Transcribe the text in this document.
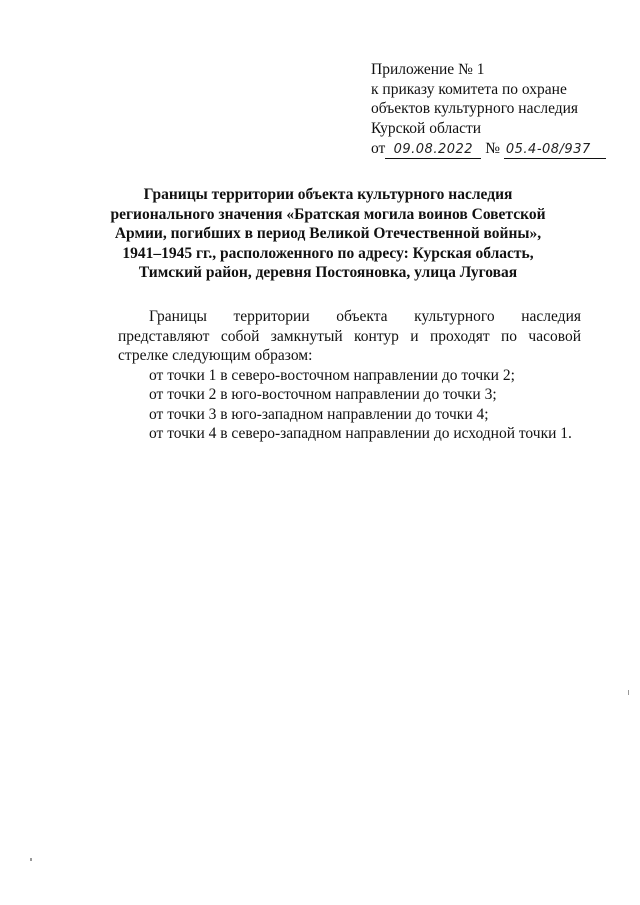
Приложение № 1
к приказу комитета по охране
объектов культурного наследия
Курской области
от 09.08.2022 № 05.4-08/937
Границы территории объекта культурного наследия
регионального значения «Братская могила воинов Советской
Армии, погибших в период Великой Отечественной войны»,
1941–1945 гг., расположенного по адресу: Курская область,
Тимский район, деревня Постояновка, улица Луговая

Границы территории объекта культурного наследия представляют собой замкнутый контур и проходят по часовой стрелке следующим образом:

от точки 1 в северо-восточном направлении до точки 2;
от точки 2 в юго-восточном направлении до точки 3;
от точки 3 в юго-западном направлении до точки 4;
от точки 4 в северо-западном направлении до исходной точки 1.
